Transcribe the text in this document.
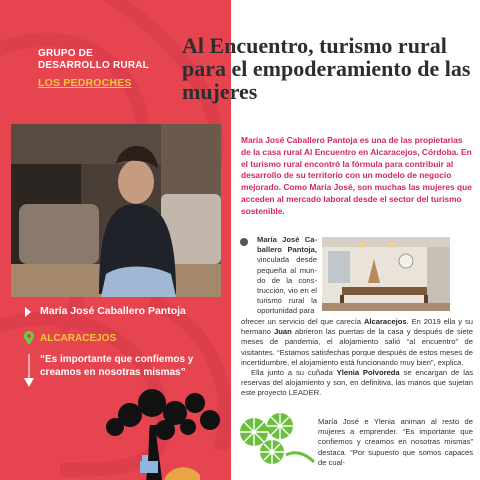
GRUPO DE
DESARROLLO RURAL
LOS PEDROCHES
María José Caballero Pantoja
ALCARACEJOS
“Es importante que confiemos y creamos en nosotras mismas”
Al Encuentro, turismo rural para el empoderamiento de las mujeres

María José Caballero Pantoja es una de las propietarias de la casa rural Al Encuentro en Alcaracejos, Córdoba. En el turismo rural encontró la fórmula para contribuir al desarrollo de su territorio con un modelo de negocio mejorado. Como María José, son muchas las mujeres que acceden al mercado laboral desde el sector del turismo sostenible.

María José Caballero Pantoja, vinculada desde pequeña al mundo de la construcción, vio en el turismo rural la oportunidad para

ofrecer un servicio del que carecía Alcaracejos. En 2019 ella y su hermano Juan abrieron las puertas de la casa y después de siete meses de pandemia, el alojamiento salió “al encuentro” de visitantes. “Estamos satisfechas porque después de estos meses de incertidumbre, el alojamiento está funcionando muy bien”, explica.

Ella junto a su cuñada Ylenia Polvoreda se encargan de las reservas del alojamiento y son, en definitiva, las manos que sujetan este proyecto LEADER.

María José e Ylenia animan al resto de mujeres a emprender. “Es importante que confiemos y creamos en nosotras mismas” destaca. “Por supuesto que somos capaces de cual-
